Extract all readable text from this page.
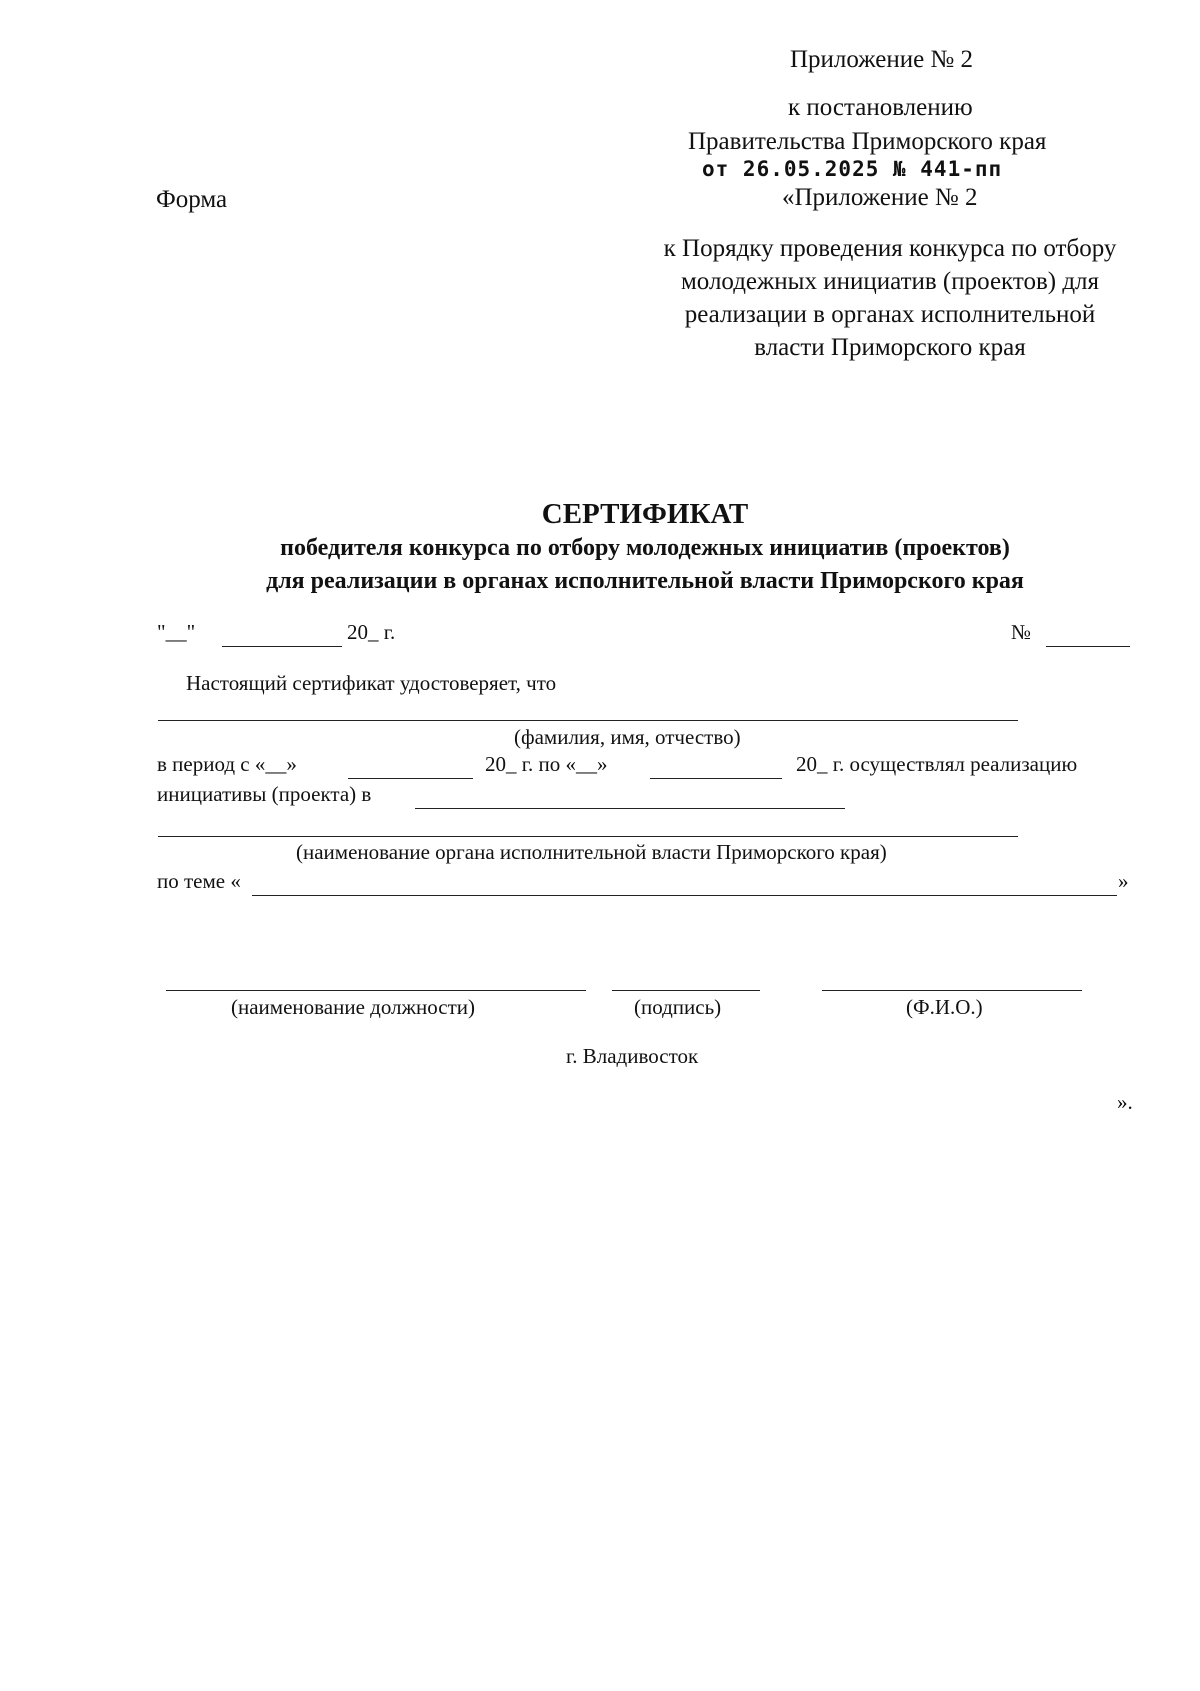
Приложение № 2
к постановлению
Правительства Приморского края
от 26.05.2025 № 441-пп
Форма	«Приложение № 2
к Порядку проведения конкурса по отбору молодежных инициатив (проектов) для реализации в органах исполнительной власти Приморского края
СЕРТИФИКАТ
победителя конкурса по отбору молодежных инициатив (проектов)
для реализации в органах исполнительной власти Приморского края
"__"	20_ г.	№
Настоящий сертификат удостоверяет, что
(фамилия, имя, отчество)
в период с «__»	20_ г. по «__»	20_ г. осуществлял реализацию
инициативы (проекта) в
(наименование органа исполнительной власти Приморского края)
по теме «	»
(наименование должности)	(подпись)	(Ф.И.О.)
г. Владивосток
».
